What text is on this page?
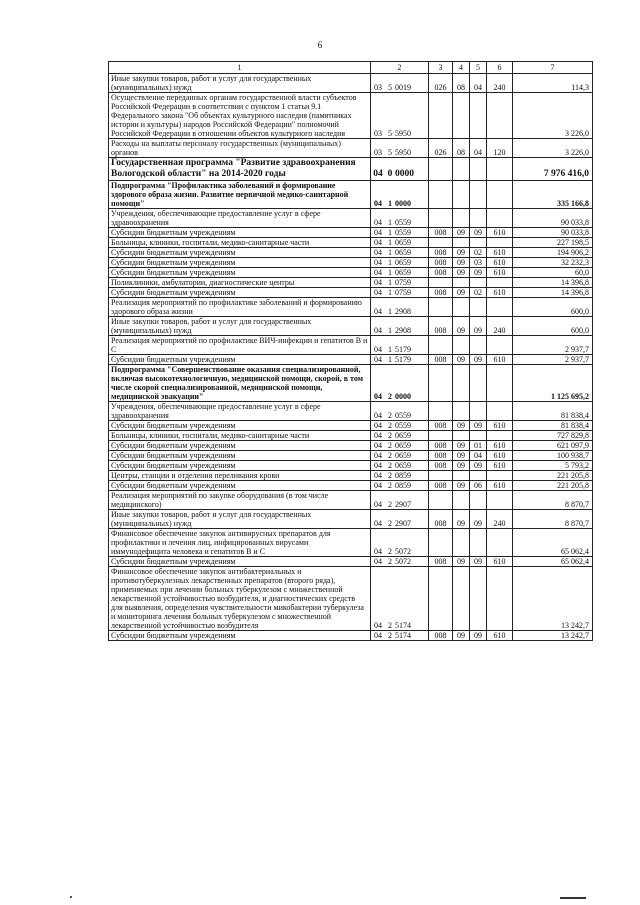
6
1	2	3	4	5	6	7
Иные закупки товаров, работ и услуг для государственных (муниципальных) нужд	03 5 0019	026	08	04	240	114,3
Осуществление переданных органам государственной власти субъектов Российской Федерации в соответствии с пунктом 1 статьи 9.1 Федерального закона "Об объектах культурного наследия (памятниках истории и культуры) народов Российской Федерации" полномочий Российской Федерации в отношении объектов культурного наследия	03 5 5950					3 226,0
Расходы на выплаты персоналу государственных (муниципальных) органов	03 5 5950	026	08	04	120	3 226,0
Государственная программа "Развитие здравоохранения Вологодской области" на 2014-2020 годы	04 0 0000					7 976 416,0
Подпрограмма "Профилактика заболеваний и формирование здорового образа жизни. Развитие первичной медико-санитарной помощи"	04 1 0000					335 166,8
Учреждения, обеспечивающие предоставление услуг в сфере здравоохранения	04 1 0559					90 033,8
Субсидии бюджетным учреждениям	04 1 0559	008	09	09	610	90 033,8
Больницы, клиники, госпитали, медико-санитарные части	04 1 0659					227 198,5
Субсидии бюджетным учреждениям	04 1 0659	008	09	02	610	194 906,2
Субсидии бюджетным учреждениям	04 1 0659	008	09	03	610	32 232,3
Субсидии бюджетным учреждениям	04 1 0659	008	09	09	610	60,0
Поликлиники, амбулатории, диагностические центры	04 1 0759					14 396,8
Субсидии бюджетным учреждениям	04 1 0759	008	09	02	610	14 396,8
Реализация мероприятий по профилактике заболеваний и формированию здорового образа жизни	04 1 2908					600,0
Иные закупки товаров, работ и услуг для государственных (муниципальных) нужд	04 1 2908	008	09	09	240	600,0
Реализация мероприятий по профилактике ВИЧ-инфекции и гепатитов В и С	04 1 5179					2 937,7
Субсидии бюджетным учреждениям	04 1 5179	008	09	09	610	2 937,7
Подпрограмма "Совершенствование оказания специализированной, включая высокотехнологичную, медицинской помощи, скорой, в том числе скорой специализированной, медицинской помощи, медицинской эвакуации"	04 2 0000					1 125 695,2
Учреждения, обеспечивающие предоставление услуг в сфере здравоохранения	04 2 0559					81 838,4
Субсидии бюджетным учреждениям	04 2 0559	008	09	09	610	81 838,4
Больницы, клиники, госпитали, медико-санитарные части	04 2 0659					727 829,8
Субсидии бюджетным учреждениям	04 2 0659	008	09	01	610	621 097,9
Субсидии бюджетным учреждениям	04 2 0659	008	09	04	610	100 938,7
Субсидии бюджетным учреждениям	04 2 0659	008	09	09	610	5 793,2
Центры, станции и отделения переливания крови	04 2 0859					221 205,8
Субсидии бюджетным учреждениям	04 2 0859	008	09	06	610	221 205,8
Реализация мероприятий по закупке оборудования (в том числе медицинского)	04 2 2907					8 870,7
Иные закупки товаров, работ и услуг для государственных (муниципальных) нужд	04 2 2907	008	09	09	240	8 870,7
Финансовое обеспечение закупок антивирусных препаратов для профилактики и лечения лиц, инфицированных вирусами иммунодефицита человека и гепатитов В и С	04 2 5072					65 062,4
Субсидии бюджетным учреждениям	04 2 5072	008	09	09	610	65 062,4
Финансовое обеспечение закупок антибактериальных и противотуберкулезных лекарственных препаратов (второго ряда), применяемых при лечении больных туберкулезом с множественной лекарственной устойчивостью возбудителя, и диагностических средств для выявления, определения чувствительности микобактерии туберкулеза и мониторинга лечения больных туберкулезом с множественной лекарственной устойчивостью возбудителя	04 2 5174					13 242,7
Субсидии бюджетным учреждениям	04 2 5174	008	09	09	610	13 242,7
